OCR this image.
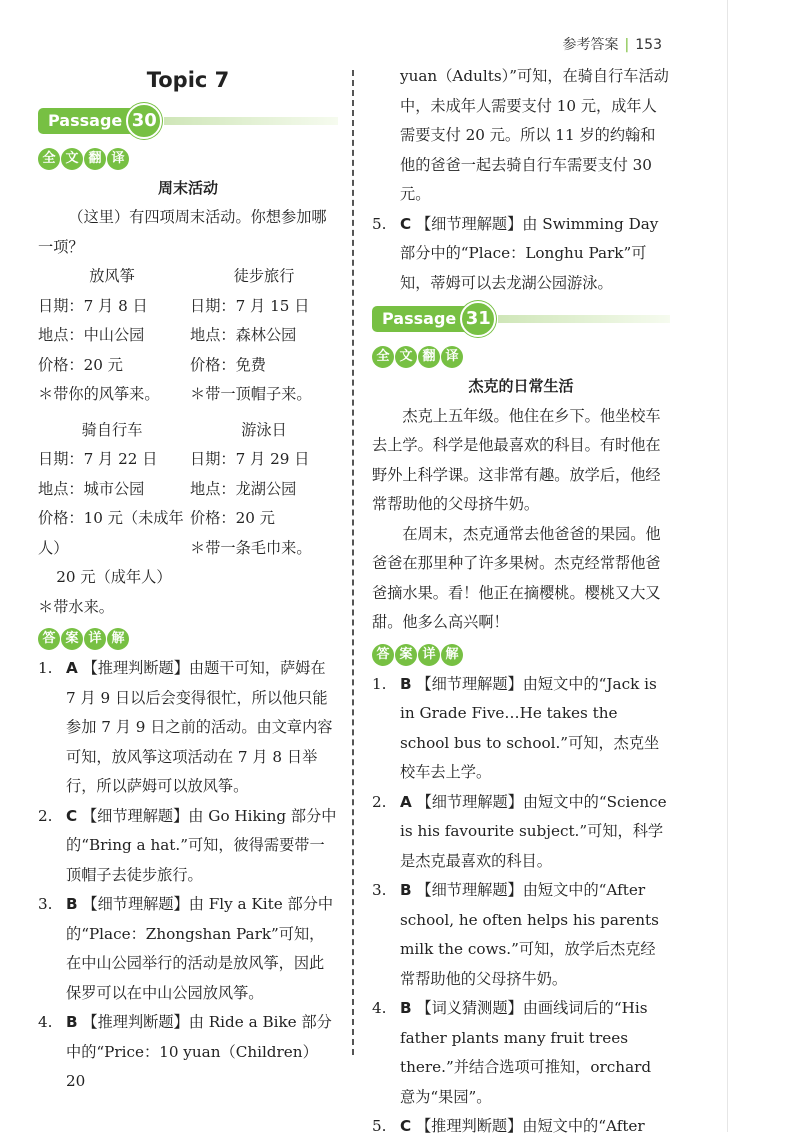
参考答案 | 153
Topic 7
Passage 30
全 文 翻 译
周末活动

（这里）有四项周末活动。你想参加哪一项？

放风筝
日期：7 月 8 日
地点：中山公园
价格：20 元
＊带你的风筝来。
徒步旅行
日期：7 月 15 日
地点：森林公园
价格：免费
＊带一顶帽子来。
骑自行车
日期：7 月 22 日
地点：城市公园
价格：10 元（未成年人）
20 元（成年人）
游泳日
日期：7 月 29 日
地点：龙湖公园
价格：20 元
＊带一条毛巾来。
＊带水来。
答 案 详 解
1. A 【推理判断题】由题干可知，萨姆在 7 月 9 日以后会变得很忙，所以他只能参加 7 月 9 日之前的活动。由文章内容可知，放风筝这项活动在 7 月 8 日举行，所以萨姆可以放风筝。
2. C 【细节理解题】由 Go Hiking 部分中的“Bring a hat.”可知，彼得需要带一顶帽子去徒步旅行。
3. B 【细节理解题】由 Fly a Kite 部分中的“Place：Zhongshan Park”可知，在中山公园举行的活动是放风筝，因此保罗可以在中山公园放风筝。
4. B 【推理判断题】由 Ride a Bike 部分中的“Price：10 yuan（Children） 20

yuan（Adults）”可知，在骑自行车活动中，未成年人需要支付 10 元，成年人需要支付 20 元。所以 11 岁的约翰和他的爸爸一起去骑自行车需要支付 30 元。

5. C 【细节理解题】由 Swimming Day 部分中的“Place：Longhu Park”可知，蒂姆可以去龙湖公园游泳。
Passage 31
全 文 翻 译
杰克的日常生活

杰克上五年级。他住在乡下。他坐校车去上学。科学是他最喜欢的科目。有时他在野外上科学课。这非常有趣。放学后，他经常帮助他的父母挤牛奶。

在周末，杰克通常去他爸爸的果园。他爸爸在那里种了许多果树。杰克经常帮他爸爸摘水果。看！他正在摘樱桃。樱桃又大又甜。他多么高兴啊！

答 案 详 解
1. B 【细节理解题】由短文中的“Jack is in Grade Five…He takes the school bus to school.”可知，杰克坐校车去上学。
2. A 【细节理解题】由短文中的“Science is his favourite subject.”可知，科学是杰克最喜欢的科目。
3. B 【细节理解题】由短文中的“After school, he often helps his parents milk the cows.”可知，放学后杰克经常帮助他的父母挤牛奶。
4. B 【词义猜测题】由画线词后的“His father plants many fruit trees there.”并结合选项可推知，orchard 意为“果园”。
5. C 【推理判断题】由短文中的“After
